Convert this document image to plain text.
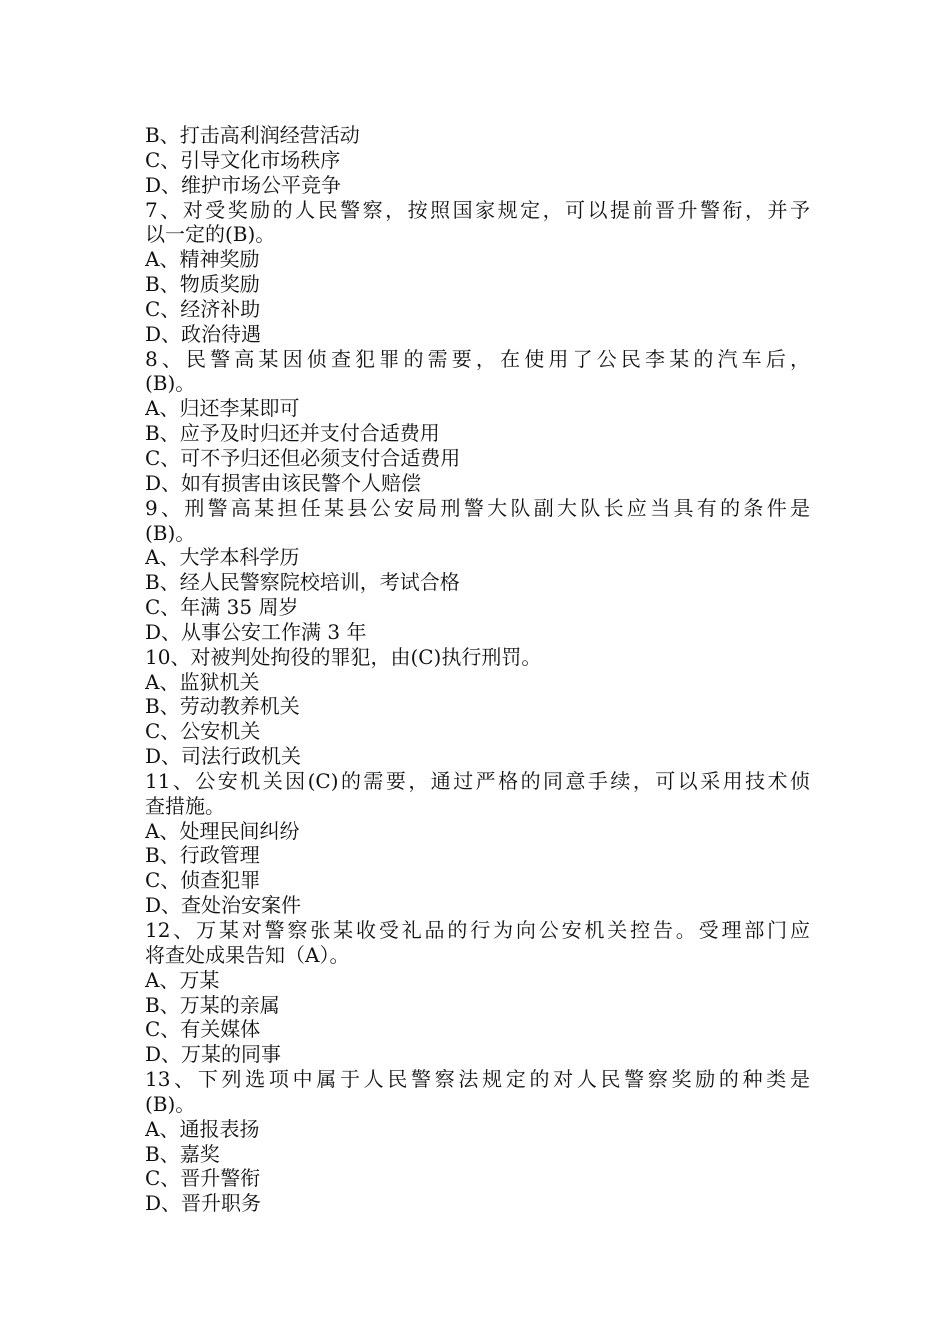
B、打击高利润经营活动
C、引导文化市场秩序
D、维护市场公平竞争
7、对受奖励的人民警察，按照国家规定，可以提前晋升警衔，并予
以一定的(B)。
A、精神奖励
B、物质奖励
C、经济补助
D、政治待遇
8、民警高某因侦查犯罪的需要，在使用了公民李某的汽车后，
(B)。
A、归还李某即可
B、应予及时归还并支付合适费用
C、可不予归还但必须支付合适费用
D、如有损害由该民警个人赔偿
9、刑警高某担任某县公安局刑警大队副大队长应当具有的条件是
(B)。
A、大学本科学历
B、经人民警察院校培训，考试合格
C、年满 35 周岁
D、从事公安工作满 3 年
10、对被判处拘役的罪犯，由(C)执行刑罚。
A、监狱机关
B、劳动教养机关
C、公安机关
D、司法行政机关
11、公安机关因(C)的需要，通过严格的同意手续，可以采用技术侦
查措施。
A、处理民间纠纷
B、行政管理
C、侦查犯罪
D、查处治安案件
12、万某对警察张某收受礼品的行为向公安机关控告。受理部门应
将查处成果告知（A）。
A、万某
B、万某的亲属
C、有关媒体
D、万某的同事
13、下列选项中属于人民警察法规定的对人民警察奖励的种类是
(B)。
A、通报表扬
B、嘉奖
C、晋升警衔
D、晋升职务
